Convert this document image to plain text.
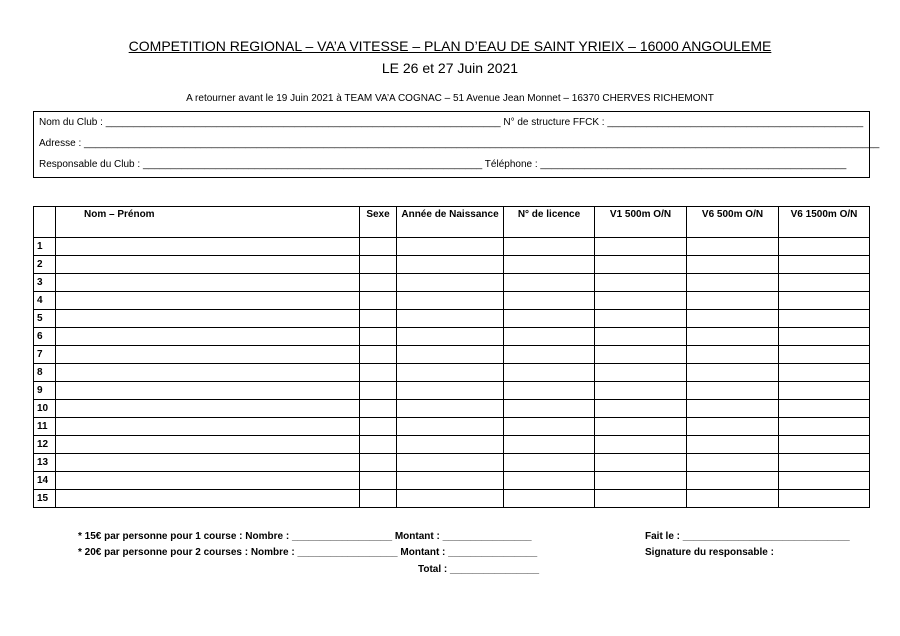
COMPETITION REGIONAL – VA’A VITESSE – PLAN D’EAU DE SAINT YRIEIX – 16000 ANGOULEME
LE 26 et 27 Juin 2021
A retourner avant le 19 Juin 2021 à TEAM VA’A COGNAC – 51 Avenue Jean Monnet – 16370 CHERVES RICHEMONT
Nom du Club : _______________________________________________________________________ N° de structure FFCK : ______________________________________________
Adresse : _______________________________________________________________________________________________________________________________________________
Responsable du Club : _____________________________________________________________ Téléphone : _______________________________________________________
	Nom – Prénom	Sexe	Année de Naissance	N° de licence	V1 500m O/N	V6 500m O/N	V6 1500m O/N
1							
2							
3							
4							
5							
6							
7							
8							
9							
10							
11							
12							
13							
14							
15							
* 15€ par personne pour 1 course : Nombre : __________________ Montant : ________________
* 20€ par personne pour 2 courses : Nombre : __________________ Montant : ________________
Total : ________________
Fait le : ______________________________
Signature du responsable :
